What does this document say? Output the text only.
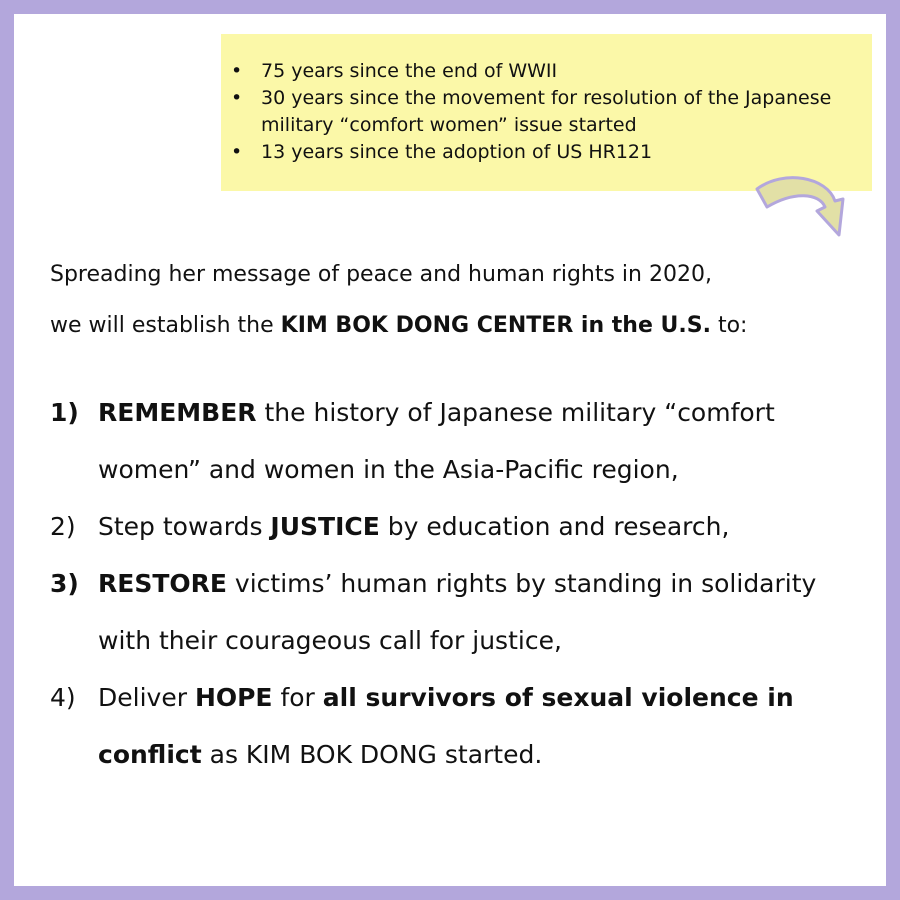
• 75 years since the end of WWII
• 30 years since the movement for resolution of the Japanese military “comfort women” issue started
• 13 years since the adoption of US HR121
Spreading her message of peace and human rights in 2020,
we will establish the KIM BOK DONG CENTER in the U.S. to:
1) REMEMBER the history of Japanese military “comfort women” and women in the Asia-Pacific region,
2) Step towards JUSTICE by education and research,
3) RESTORE victims’ human rights by standing in solidarity with their courageous call for justice,
4) Deliver HOPE for all survivors of sexual violence in conflict as KIM BOK DONG started.
